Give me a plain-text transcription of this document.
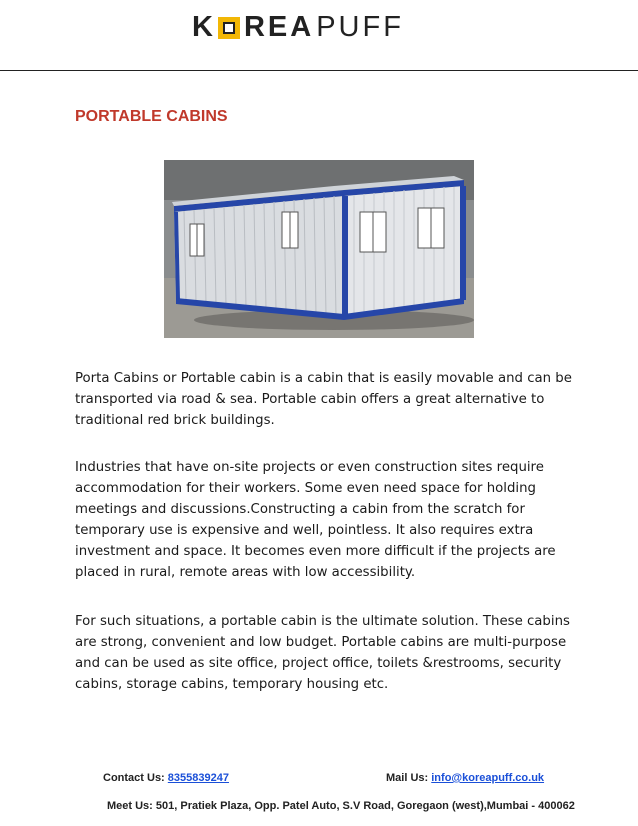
K REA PUFF
PORTABLE CABINS

Porta Cabins or Portable cabin is a cabin that is easily movable and can be transported via road & sea. Portable cabin offers a great alternative to traditional red brick buildings.

Industries that have on-site projects or even construction sites require accommodation for their workers. Some even need space for holding meetings and discussions.Constructing a cabin from the scratch for temporary use is expensive and well, pointless. It also requires extra investment and space. It becomes even more difficult if the projects are placed in rural, remote areas with low accessibility.

For such situations, a portable cabin is the ultimate solution. These cabins are strong, convenient and low budget. Portable cabins are multi-purpose and can be used as site office, project office, toilets &restrooms, security cabins, storage cabins, temporary housing etc.

Contact Us: 8355839247	Mail Us: info@koreapuff.co.uk
Meet Us: 501, Pratiek Plaza, Opp. Patel Auto, S.V Road, Goregaon (west),Mumbai - 400062
